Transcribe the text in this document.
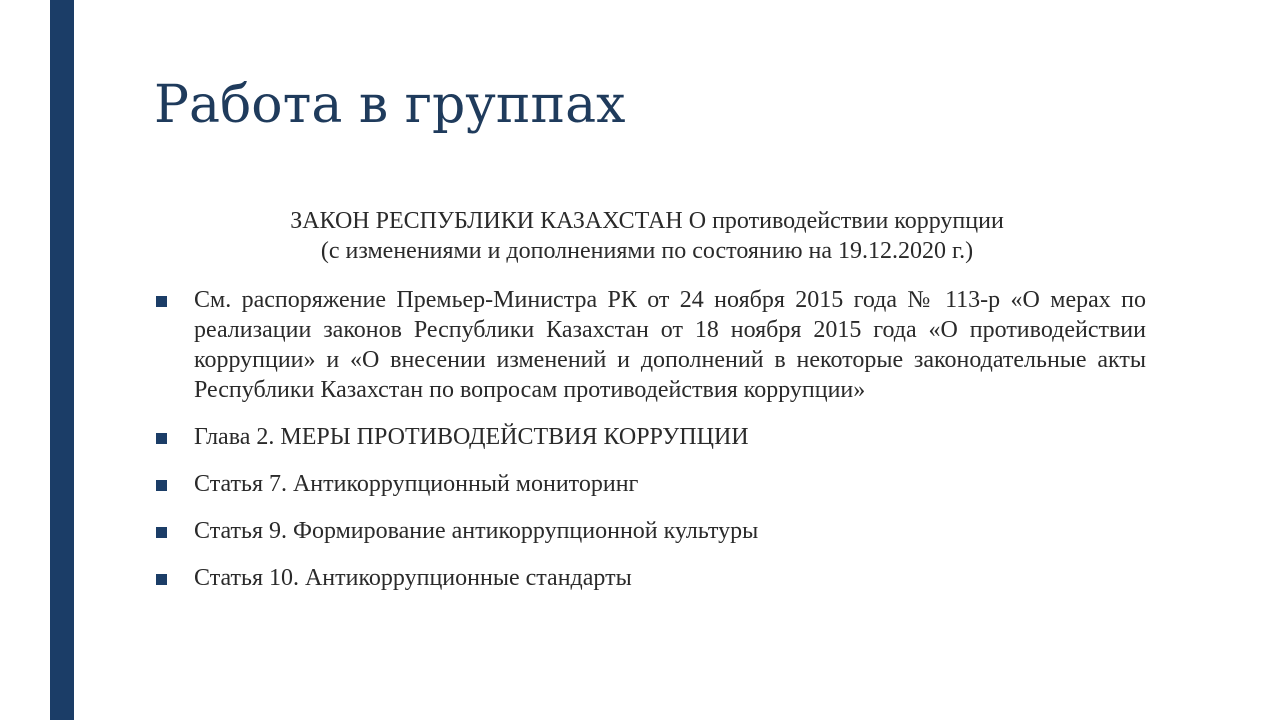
Работа в группах
ЗАКОН РЕСПУБЛИКИ КАЗАХСТАН О противодействии коррупции
(с изменениями и дополнениями по состоянию на 19.12.2020 г.)
См. распоряжение Премьер-Министра РК от 24 ноября 2015 года № 113-р «О мерах по реализации законов Республики Казахстан от 18 ноября 2015 года «О противодействии коррупции» и «О внесении изменений и дополнений в некоторые законодательные акты Республики Казахстан по вопросам противодействия коррупции»
Глава 2. МЕРЫ ПРОТИВОДЕЙСТВИЯ КОРРУПЦИИ
Статья 7. Антикоррупционный мониторинг
Статья 9. Формирование антикоррупционной культуры
Статья 10. Антикоррупционные стандарты
